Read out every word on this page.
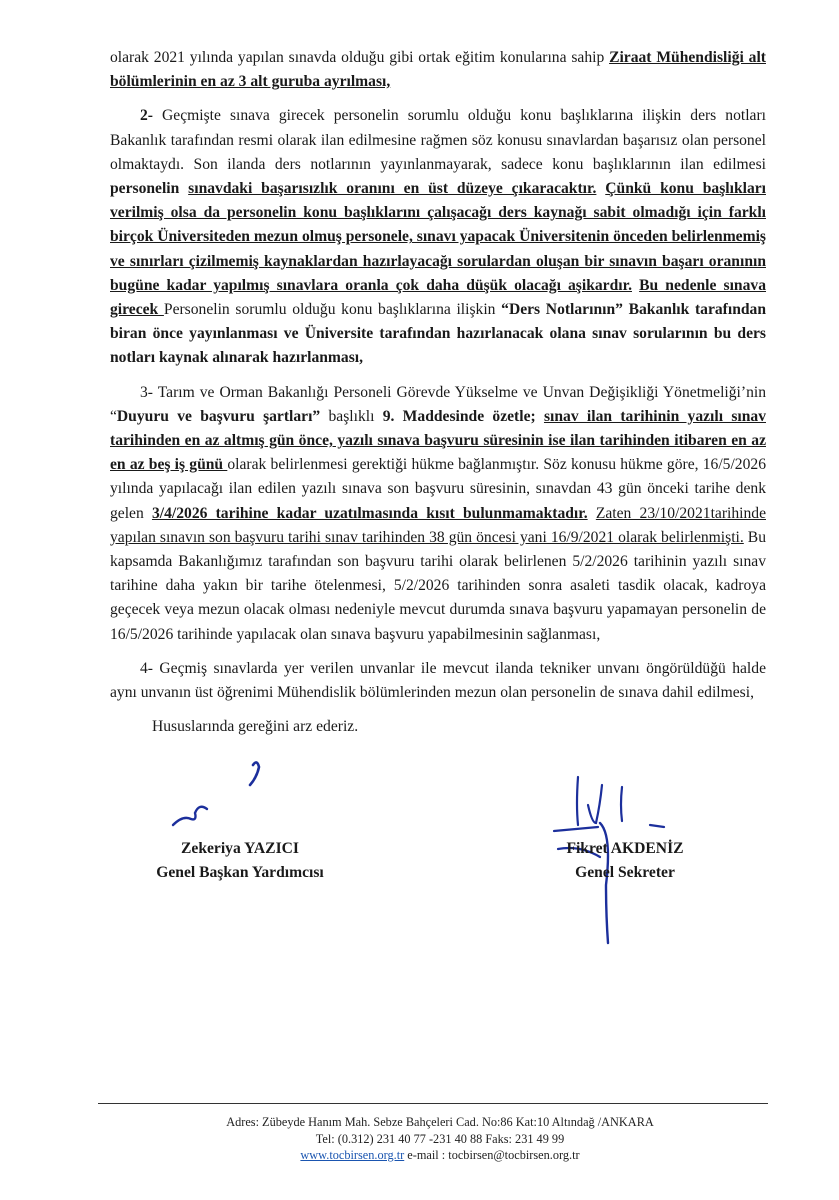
olarak 2021 yılında yapılan sınavda olduğu gibi ortak eğitim konularına sahip Ziraat Mühendisliği alt bölümlerinin en az 3 alt guruba ayrılması,

2- Geçmişte sınava girecek personelin sorumlu olduğu konu başlıklarına ilişkin ders notları Bakanlık tarafından resmi olarak ilan edilmesine rağmen söz konusu sınavlardan başarısız olan personel olmaktaydı. Son ilanda ders notlarının yayınlanmayarak, sadece konu başlıklarının ilan edilmesi personelin sınavdaki başarısızlık oranını en üst düzeye çıkaracaktır. Çünkü konu başlıkları verilmiş olsa da personelin konu başlıklarını çalışacağı ders kaynağı sabit olmadığı için farklı birçok Üniversiteden mezun olmuş personele, sınavı yapacak Üniversitenin önceden belirlenmemiş ve sınırları çizilmemiş kaynaklardan hazırlayacağı sorulardan oluşan bir sınavın başarı oranının bugüne kadar yapılmış sınavlara oranla çok daha düşük olacağı aşikardır. Bu nedenle sınava girecek Personelin sorumlu olduğu konu başlıklarına ilişkin “Ders Notlarının” Bakanlık tarafından biran önce yayınlanması ve Üniversite tarafından hazırlanacak olana sınav sorularının bu ders notları kaynak alınarak hazırlanması,

3- Tarım ve Orman Bakanlığı Personeli Görevde Yükselme ve Unvan Değişikliği Yönetmeliği’nin “Duyuru ve başvuru şartları” başlıklı 9. Maddesinde özetle; sınav ilan tarihinin yazılı sınav tarihinden en az altmış gün önce, yazılı sınava başvuru süresinin ise ilan tarihinden itibaren en az en az beş iş günü olarak belirlenmesi gerektiği hükme bağlanmıştır. Söz konusu hükme göre, 16/5/2026 yılında yapılacağı ilan edilen yazılı sınava son başvuru süresinin, sınavdan 43 gün önceki tarihe denk gelen 3/4/2026 tarihine kadar uzatılmasında kısıt bulunmamaktadır. Zaten 23/10/2021tarihinde yapılan sınavın son başvuru tarihi sınav tarihinden 38 gün öncesi yani 16/9/2021 olarak belirlenmişti. Bu kapsamda Bakanlığımız tarafından son başvuru tarihi olarak belirlenen 5/2/2026 tarihinin yazılı sınav tarihine daha yakın bir tarihe ötelenmesi, 5/2/2026 tarihinden sonra asaleti tasdik olacak, kadroya geçecek veya mezun olacak olması nedeniyle mevcut durumda sınava başvuru yapamayan personelin de 16/5/2026 tarihinde yapılacak olan sınava başvuru yapabilmesinin sağlanması,

4- Geçmiş sınavlarda yer verilen unvanlar ile mevcut ilanda tekniker unvanı öngörüldüğü halde aynı unvanın üst öğrenimi Mühendislik bölümlerinden mezun olan personelin de sınava dahil edilmesi,

Hususlarında gereğini arz ederiz.

Zekeriya YAZICI
Genel Başkan Yardımcısı
Fikret AKDENİZ
Genel Sekreter
Adres: Zübeyde Hanım Mah. Sebze Bahçeleri Cad. No:86 Kat:10 Altındağ /ANKARA
Tel: (0.312) 231 40 77 -231 40 88 Faks: 231 49 99
www.tocbirsen.org.tr e-mail : tocbirsen@tocbirsen.org.tr
